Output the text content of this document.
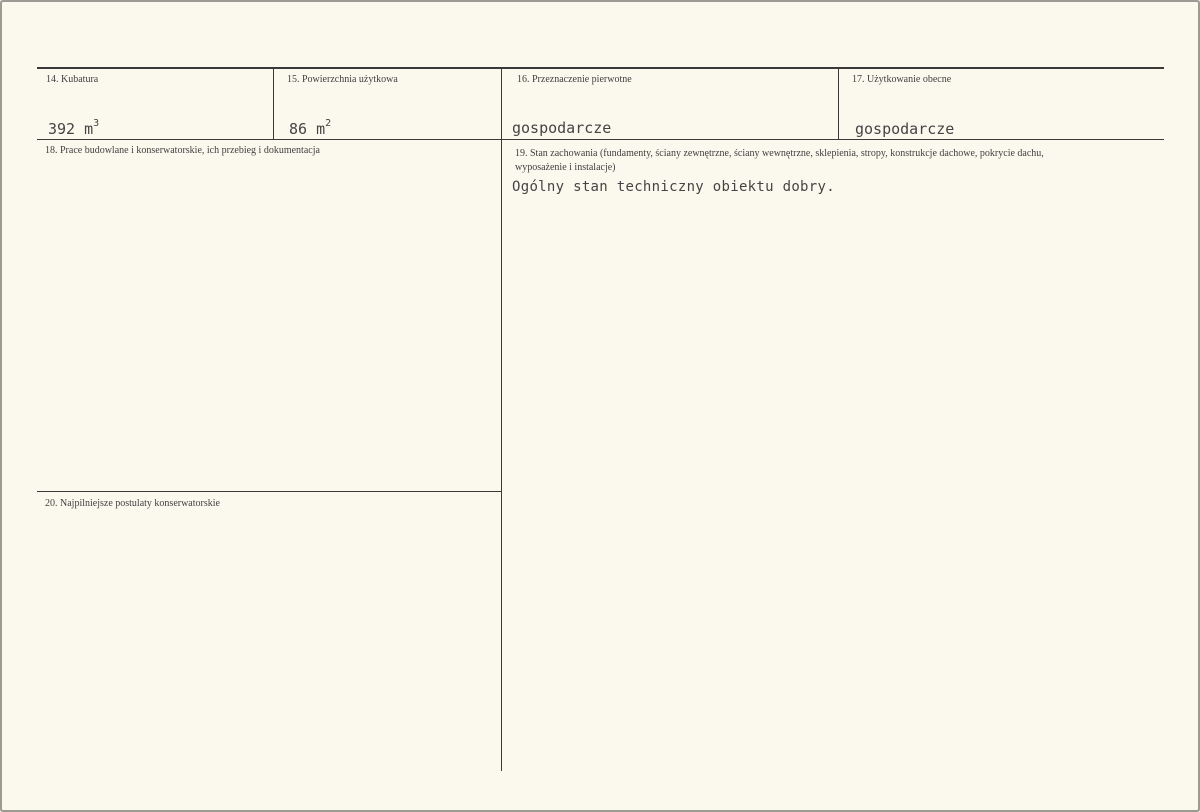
14. Kubatura
392 $m^3$
15. Powierzchnia użytkowa
86 $m^2$
16. Przeznaczenie pierwotne
gospodarcze
17. Użytkowanie obecne
gospodarcze
18. Prace budowlane i konserwatorskie, ich przebieg i dokumentacja	19. Stan zachowania (fundamenty, ściany zewnętrzne, ściany wewnętrzne, sklepienia, stropy, konstrukcje dachowe, pokrycie dachu, wyposażenie i instalacje)
Ogólny stan techniczny obiektu dobry.
20. Najpilniejsze postulaty konserwatorskie
